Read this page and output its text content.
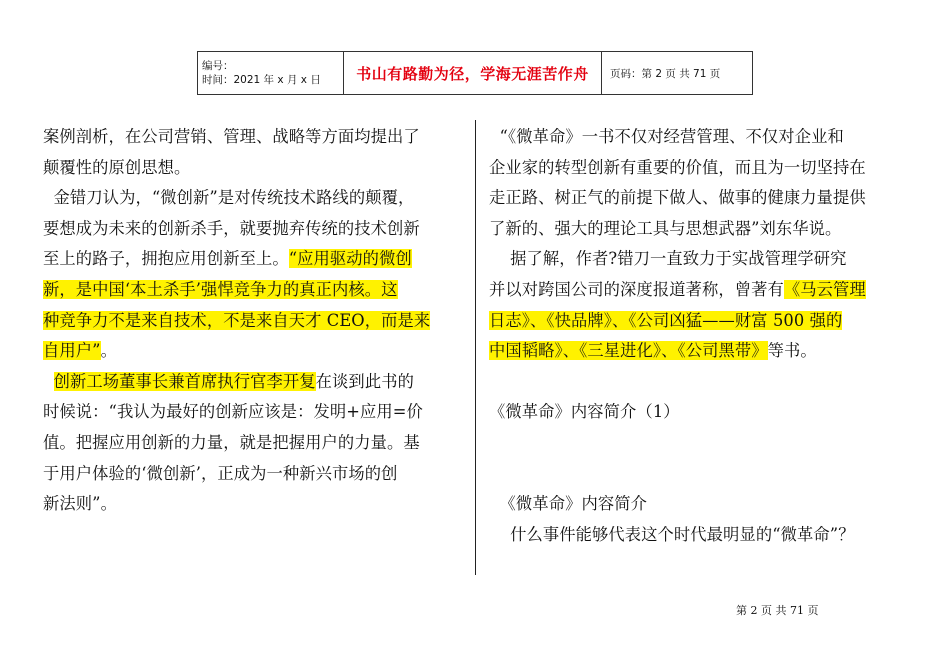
编号：
时间：2021 年 x 月 x 日	书山有路勤为径，学海无涯苦作舟 页码：第 2 页 共 71 页
案例剖析，在公司营销、管理、战略等方面均提出了
颠覆性的原创思想。
金错刀认为，“微创新”是对传统技术路线的颠覆，
要想成为未来的创新杀手，就要抛弃传统的技术创新
至上的路子，拥抱应用创新至上。“应用驱动的微创
新，是中国‘本土杀手’强悍竞争力的真正内核。这
种竞争力不是来自技术，不是来自天才 CEO，而是来
自用户”。
创新工场董事长兼首席执行官李开复在谈到此书的
时候说：“我认为最好的创新应该是：发明+应用=价
值。把握应用创新的力量，就是把握用户的力量。基
于用户体验的‘微创新’，正成为一种新兴市场的创
新法则”。
“《微革命》一书不仅对经营管理、不仅对企业和
企业家的转型创新有重要的价值，而且为一切坚持在
走正路、树正气的前提下做人、做事的健康力量提供
了新的、强大的理论工具与思想武器”刘东华说。
据了解，作者?错刀一直致力于实战管理学研究
并以对跨国公司的深度报道著称，曾著有《马云管理
日志》、《快品牌》、《公司凶猛——财富 500 强的
中国韬略》、《三星进化》、《公司黑带》等书。
《微革命》内容简介（1）
《微革命》内容简介
什么事件能够代表这个时代最明显的“微革命”？
第 2 页 共 71 页
